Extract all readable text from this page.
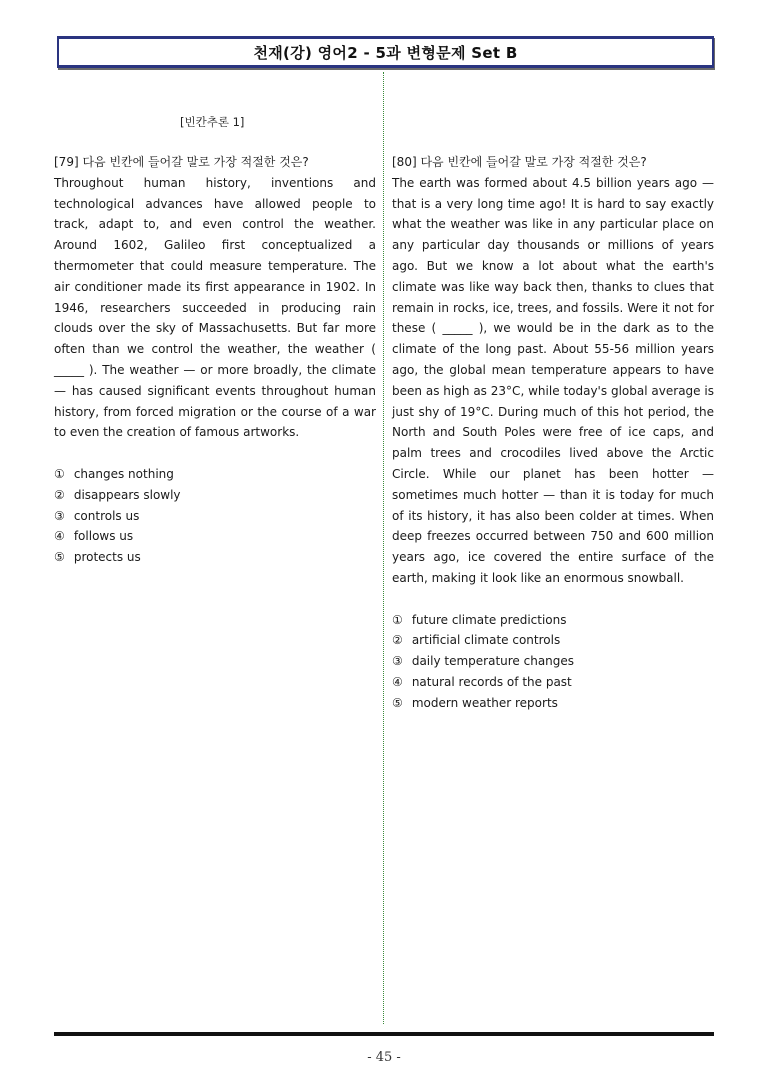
천재(강) 영어2 - 5과 변형문제 Set B
[빈칸추론 1]
[79] 다음 빈칸에 들어갈 말로 가장 적절한 것은?

Throughout human history, inventions and technological advances have allowed people to track, adapt to, and even control the weather. Around 1602, Galileo first conceptualized a thermometer that could measure temperature. The air conditioner made its first appearance in 1902. In 1946, researchers succeeded in producing rain clouds over the sky of Massachusetts. But far more often than we control the weather, the weather ( _____ ). The weather — or more broadly, the climate — has caused significant events throughout human history, from forced migration or the course of a war to even the creation of famous artworks.

① changes nothing
② disappears slowly
③ controls us
④ follows us
⑤ protects us
[80] 다음 빈칸에 들어갈 말로 가장 적절한 것은?

The earth was formed about 4.5 billion years ago — that is a very long time ago! It is hard to say exactly what the weather was like in any particular place on any particular day thousands or millions of years ago. But we know a lot about what the earth's climate was like way back then, thanks to clues that remain in rocks, ice, trees, and fossils. Were it not for these ( _____ ), we would be in the dark as to the climate of the long past. About 55-56 million years ago, the global mean temperature appears to have been as high as 23°C, while today's global average is just shy of 19°C. During much of this hot period, the North and South Poles were free of ice caps, and palm trees and crocodiles lived above the Arctic Circle. While our planet has been hotter — sometimes much hotter — than it is today for much of its history, it has also been colder at times. When deep freezes occurred between 750 and 600 million years ago, ice covered the entire surface of the earth, making it look like an enormous snowball.

① future climate predictions
② artificial climate controls
③ daily temperature changes
④ natural records of the past
⑤ modern weather reports
- 45 -
